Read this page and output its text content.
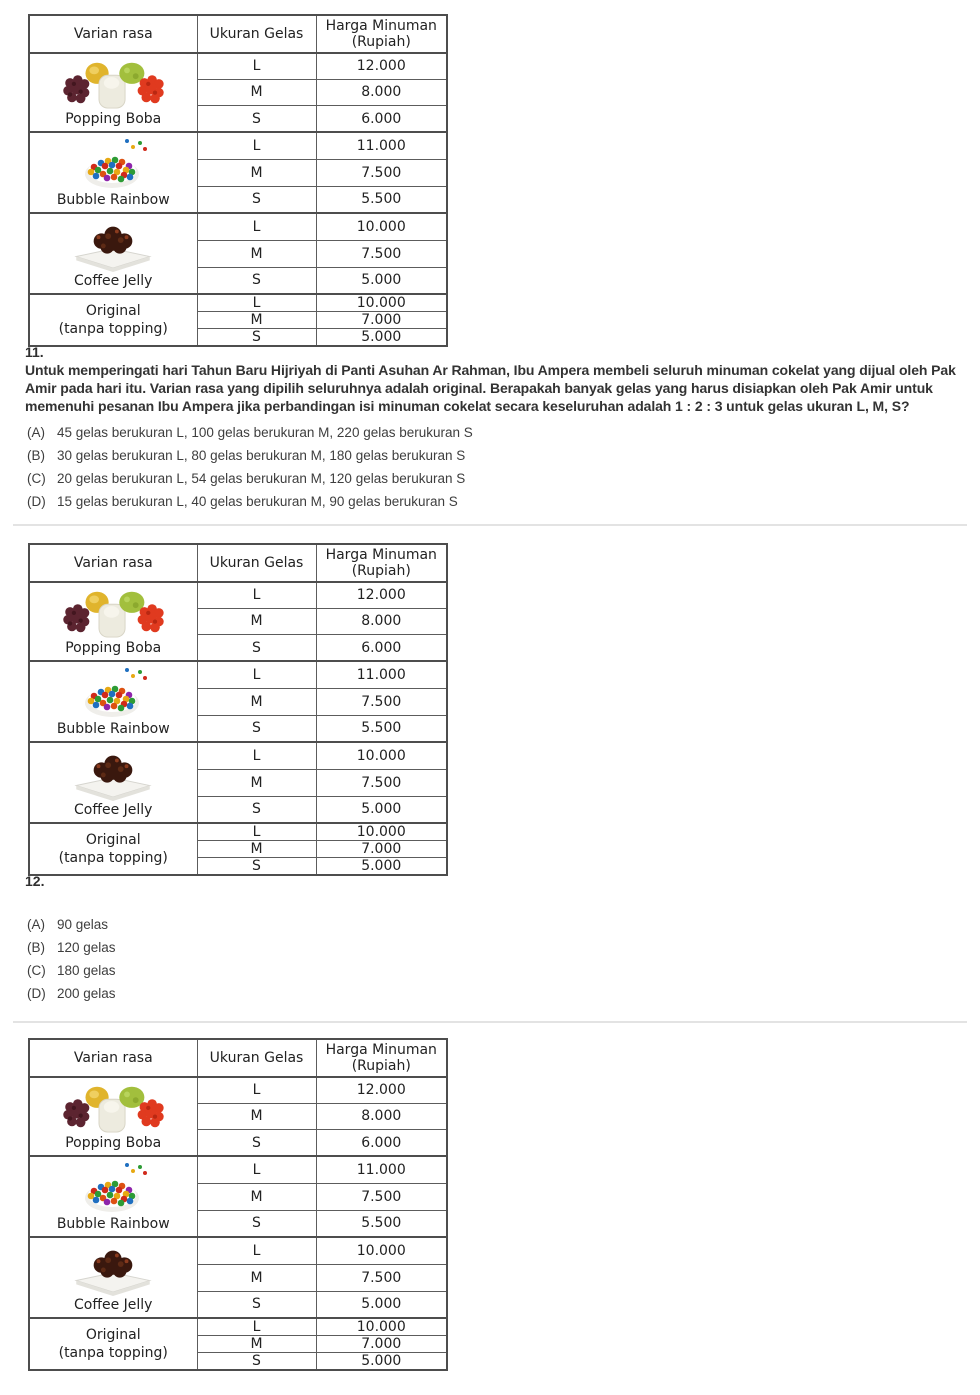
Varian rasa	Ukuran Gelas	Harga Minuman
(Rupiah)

Popping Boba	L	12.000
	M	8.000
	S	6.000

Bubble Rainbow	L	11.000
	M	7.500
	S	5.500

Coffee Jelly	L	10.000
	M	7.500
	S	5.000

Original
(tanpa topping)	L	10.000
	M	7.000
	S	5.000
11.
Untuk memperingati hari Tahun Baru Hijriyah di Panti Asuhan Ar Rahman, Ibu Ampera membeli seluruh minuman cokelat yang dijual oleh Pak Amir pada hari itu. Varian rasa yang dipilih seluruhnya adalah original. Berapakah banyak gelas yang harus disiapkan oleh Pak Amir untuk memenuhi pesanan Ibu Ampera jika perbandingan isi minuman cokelat secara keseluruhan adalah 1 : 2 : 3 untuk gelas ukuran L, M, S?
(A) 45 gelas berukuran L, 100 gelas berukuran M, 220 gelas berukuran S
(B) 30 gelas berukuran L, 80 gelas berukuran M, 180 gelas berukuran S
(C) 20 gelas berukuran L, 54 gelas berukuran M, 120 gelas berukuran S
(D) 15 gelas berukuran L, 40 gelas berukuran M, 90 gelas berukuran S
Varian rasa	Ukuran Gelas	Harga Minuman
(Rupiah)

Popping Boba	L	12.000
	M	8.000
	S	6.000

Bubble Rainbow	L	11.000
	M	7.500
	S	5.500

Coffee Jelly	L	10.000
	M	7.500
	S	5.000

Original
(tanpa topping)	L	10.000
	M	7.000
	S	5.000
12.
(A) 90 gelas
(B) 120 gelas
(C) 180 gelas
(D) 200 gelas
Varian rasa	Ukuran Gelas	Harga Minuman
(Rupiah)

Popping Boba	L	12.000
	M	8.000
	S	6.000

Bubble Rainbow	L	11.000
	M	7.500
	S	5.500

Coffee Jelly	L	10.000
	M	7.500
	S	5.000

Original
(tanpa topping)	L	10.000
	M	7.000
	S	5.000
